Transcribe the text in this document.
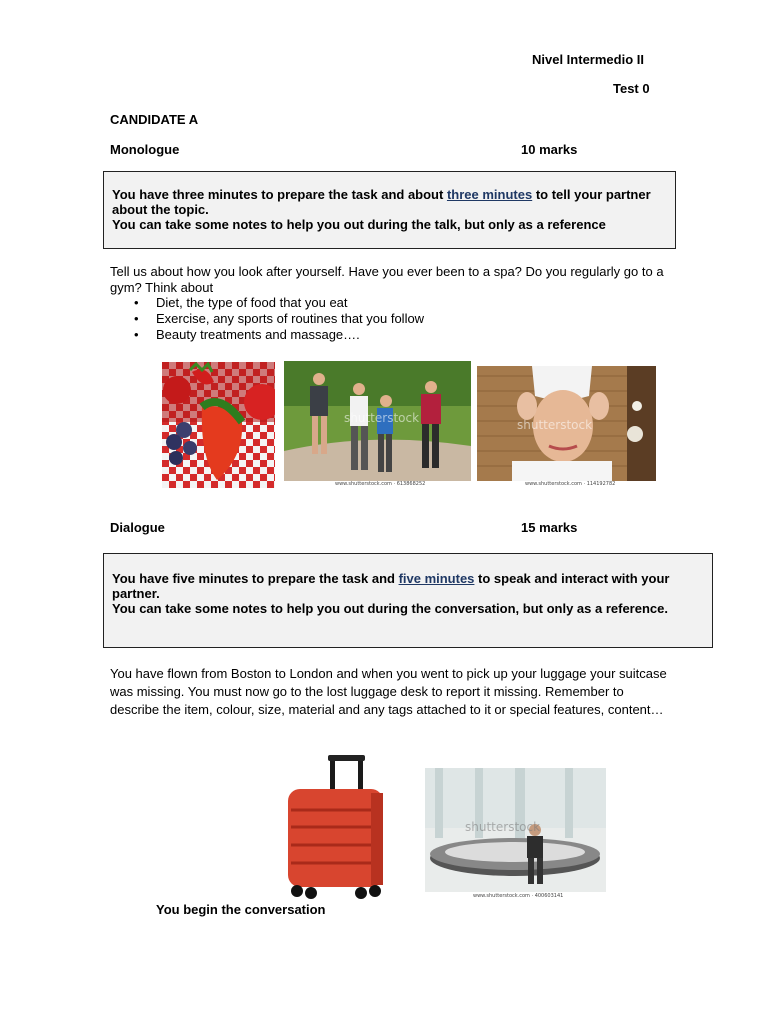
Nivel Intermedio II
Test 0
CANDIDATE A
Monologue	10 marks
You have three minutes to prepare the task and about three minutes to tell your partner about the topic.
You can take some notes to help you out during the talk, but only as a reference
Tell us about how you look after yourself. Have you ever been to a spa? Do you regularly go to a gym? Think about
• Diet, the type of food that you eat
• Exercise, any sports of routines that you follow
• Beauty treatments and massage….
shutterstock
www.shutterstock.com · 613868252
shutterstock
www.shutterstock.com · 114192782
Dialogue	15 marks
You have five minutes to prepare the task and five minutes to speak and interact with your partner.
You can take some notes to help you out during the conversation, but only as a reference.
You have flown from Boston to London and when you went to pick up your luggage your suitcase was missing. You must now go to the lost luggage desk to report it missing. Remember to describe the item, colour, size, material and any tags attached to it or special features, content…
shutterstock
www.shutterstock.com · 400603141
You begin the conversation
